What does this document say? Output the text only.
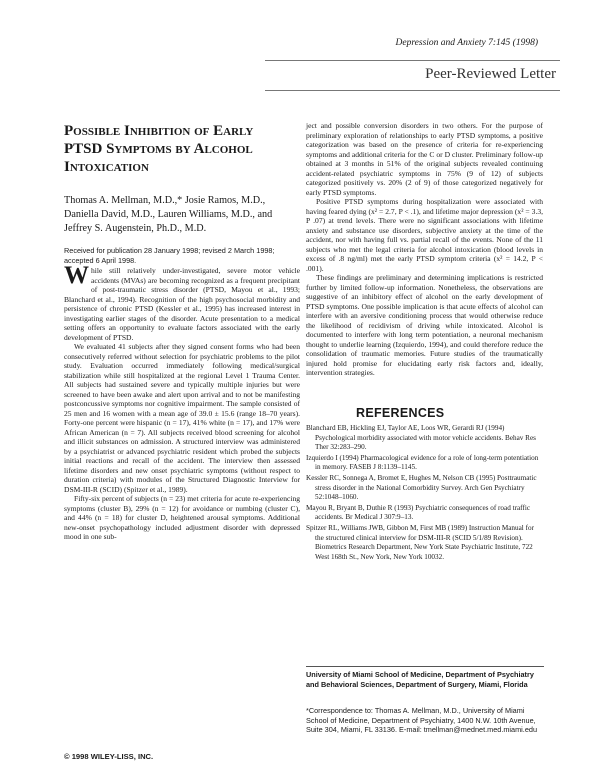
Depression and Anxiety 7:145 (1998)
Peer-Reviewed Letter
Possible Inhibition of Early
PTSD Symptoms by Alcohol
Intoxication
Thomas A. Mellman, M.D.,* Josie Ramos, M.D., Daniella David, M.D., Lauren Williams, M.D., and Jeffrey S. Augenstein, Ph.D., M.D.
Received for publication 28 January 1998; revised 2 March 1998; accepted 6 April 1998.

While still relatively under-investigated, severe motor vehicle accidents (MVAs) are becoming recognized as a frequent precipitant of post-traumatic stress disorder (PTSD, Mayou et al., 1993; Blanchard et al., 1994). Recognition of the high psychosocial morbidity and persistence of chronic PTSD (Kessler et al., 1995) has increased interest in investigating earlier stages of the disorder. Acute presentation to a medical setting offers an opportunity to evaluate factors associated with the early development of PTSD.

We evaluated 41 subjects after they signed consent forms who had been consecutively referred without selection for psychiatric problems to the pilot study. Evaluation occurred immediately following medical/surgical stabilization while still hospitalized at the regional Level 1 Trauma Center. All subjects had sustained severe and typically multiple injuries but were screened to have been awake and alert upon arrival and to not be manifesting postconcussive symptoms nor cognitive impairment. The sample consisted of 25 men and 16 women with a mean age of 39.0 ± 15.6 (range 18–70 years). Forty-one percent were hispanic (n = 17), 41% white (n = 17), and 17% were African American (n = 7). All subjects received blood screening for alcohol and illicit substances on admission. A structured interview was administered by a psychiatrist or advanced psychiatric resident which probed the subjects initial reactions and recall of the accident. The interview then assessed lifetime disorders and new onset psychiatric symptoms (without respect to duration criteria) with modules of the Structured Diagnostic Interview for DSM-III-R (SCID) (Spitzer et al., 1989).

Fifty-six percent of subjects (n = 23) met criteria for acute re-experiencing symptoms (cluster B), 29% (n = 12) for avoidance or numbing (cluster C), and 44% (n = 18) for cluster D, heightened arousal symptoms. Additional new-onset psychopathology included adjustment disorder with depressed mood in one sub-

ject and possible conversion disorders in two others. For the purpose of preliminary exploration of relationships to early PTSD symptoms, a positive categorization was based on the presence of criteria for re-experiencing symptoms and additional criteria for the C or D cluster. Preliminary follow-up obtained at 3 months in 51% of the original subjects revealed continuing accident-related psychiatric symptoms in 75% (9 of 12) of subjects categorized positively vs. 20% (2 of 9) of those categorized negatively for early PTSD symptoms.

Positive PTSD symptoms during hospitalization were associated with having feared dying (x² = 2.7, P < .1), and lifetime major depression (x² = 3.3, P .07) at trend levels. There were no significant associations with lifetime anxiety and substance use disorders, subjective anxiety at the time of the accident, nor with having full vs. partial recall of the events. None of the 11 subjects who met the legal criteria for alcohol intoxication (blood levels in excess of .8 ng/ml) met the early PTSD symptom criteria (x² = 14.2, P < .001).

These findings are preliminary and determining implications is restricted further by limited follow-up information. Nonetheless, the observations are suggestive of an inhibitory effect of alcohol on the early development of PTSD symptoms. One possible implication is that acute effects of alcohol can interfere with an aversive conditioning process that would otherwise reduce the likelihood of recidivism of driving while intoxicated. Alcohol is documented to interfere with long term potentiation, a neuronal mechanism thought to underlie learning (Izquierdo, 1994), and could therefore reduce the consolidation of traumatic memories. Future studies of the traumatically injured hold promise for elucidating early risk factors and, ideally, intervention strategies.

REFERENCES
Blanchard EB, Hickling EJ, Taylor AE, Loos WR, Gerardi RJ (1994) Psychological morbidity associated with motor vehicle accidents. Behav Res Ther 32:283–290.
Izquierdo I (1994) Pharmacological evidence for a role of long-term potentiation in memory. FASEB J 8:1139–1145.
Kessler RC, Sonnega A, Bromet E, Hughes M, Nelson CB (1995) Posttraumatic stress disorder in the National Comorbidity Survey. Arch Gen Psychiatry 52:1048–1060.
Mayou R, Bryant B, Duthie R (1993) Psychiatric consequences of road traffic accidents. Br Medical J 307:9–13.
Spitzer RL, Williams JWB, Gibbon M, First MB (1989) Instruction Manual for the structured clinical interview for DSM-III-R (SCID 5/1/89 Revision). Biometrics Research Department, New York State Psychiatric Institute, 722 West 168th St., New York, New York 10032.
University of Miami School of Medicine, Department of Psychiatry and Behavioral Sciences, Department of Surgery, Miami, Florida
*Correspondence to: Thomas A. Mellman, M.D., University of Miami School of Medicine, Department of Psychiatry, 1400 N.W. 10th Avenue, Suite 304, Miami, FL 33136. E-mail: tmellman@mednet.med.miami.edu
© 1998 WILEY-LISS, INC.
